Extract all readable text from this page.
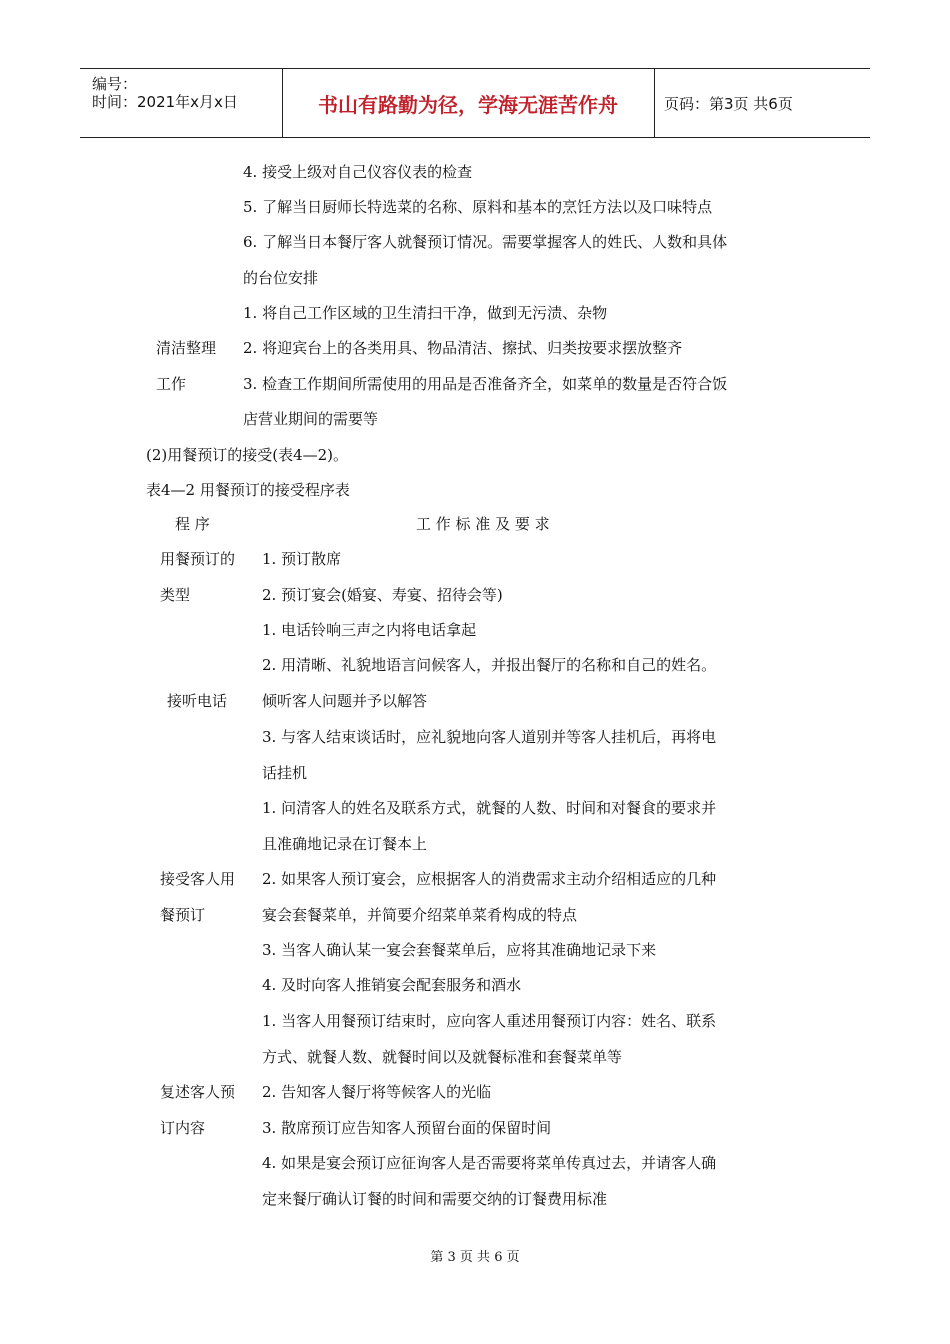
编号：
时间：2021年x月x日	书山有路勤为径，学海无涯苦作舟	页码：第3页 共6页
4. 接受上级对自己仪容仪表的检查
5. 了解当日厨师长特选菜的名称、原料和基本的烹饪方法以及口味特点
6. 了解当日本餐厅客人就餐预订情况。需要掌握客人的姓氏、人数和具体
的台位安排
1. 将自己工作区域的卫生清扫干净，做到无污渍、杂物
清洁整理 2. 将迎宾台上的各类用具、物品清洁、擦拭、归类按要求摆放整齐
工作	3. 检查工作期间所需使用的用品是否准备齐全，如菜单的数量是否符合饭
店营业期间的需要等
(2)用餐预订的接受(表4—2)。
表4—2 用餐预订的接受程序表
程 序	工 作 标 准 及 要 求
用餐预订的 1. 预订散席
类型	2. 预订宴会(婚宴、寿宴、招待会等)
1. 电话铃响三声之内将电话拿起
2. 用清晰、礼貌地语言问候客人，并报出餐厅的名称和自己的姓名。
接听电话 倾听客人问题并予以解答
3. 与客人结束谈话时，应礼貌地向客人道别并等客人挂机后，再将电
话挂机
1. 问清客人的姓名及联系方式，就餐的人数、时间和对餐食的要求并
且准确地记录在订餐本上
接受客人用 2. 如果客人预订宴会，应根据客人的消费需求主动介绍相适应的几种
餐预订	宴会套餐菜单，并简要介绍菜单菜肴构成的特点
3. 当客人确认某一宴会套餐菜单后，应将其准确地记录下来
4. 及时向客人推销宴会配套服务和酒水
1. 当客人用餐预订结束时，应向客人重述用餐预订内容：姓名、联系
方式、就餐人数、就餐时间以及就餐标准和套餐菜单等
复述客人预 2. 告知客人餐厅将等候客人的光临
订内容	3. 散席预订应告知客人预留台面的保留时间
4. 如果是宴会预订应征询客人是否需要将菜单传真过去，并请客人确
定来餐厅确认订餐的时间和需要交纳的订餐费用标准
第 3 页 共 6 页
